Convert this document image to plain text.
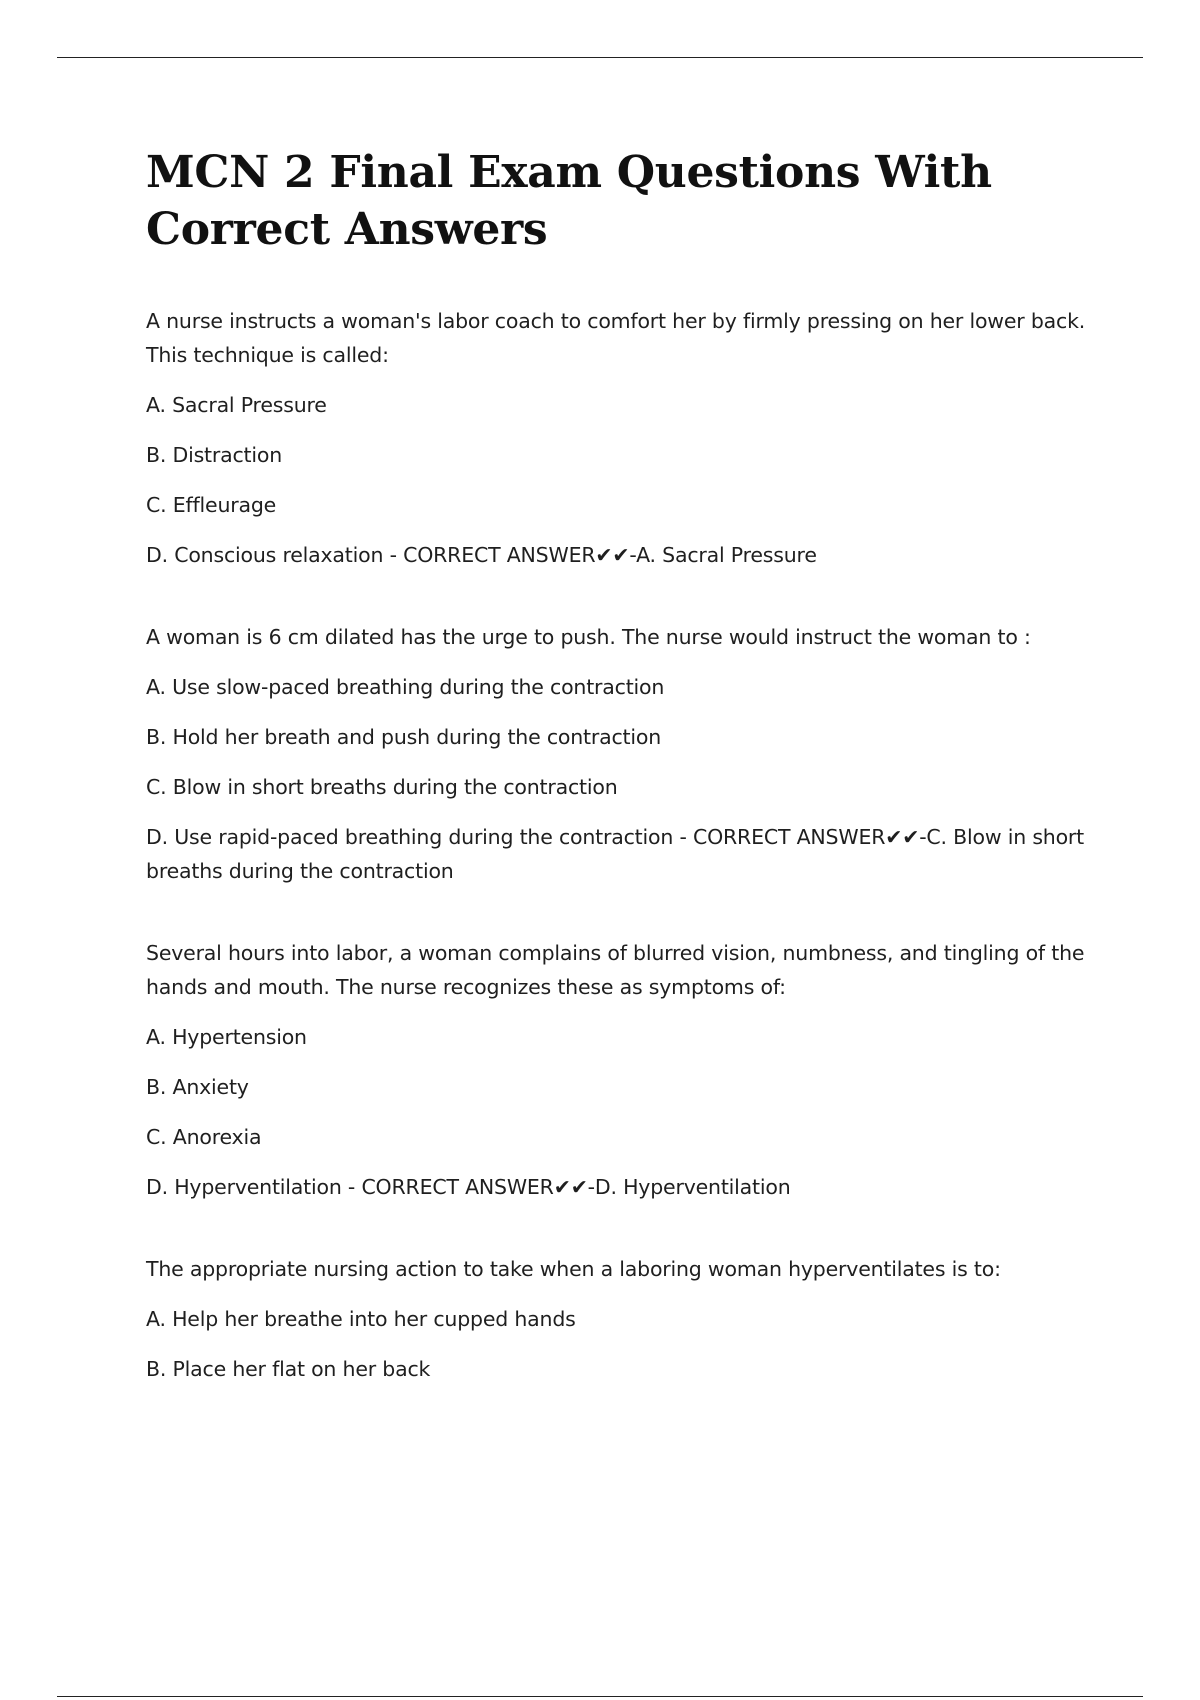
MCN 2 Final Exam Questions With Correct Answers

A nurse instructs a woman's labor coach to comfort her by firmly pressing on her lower back. This technique is called:

A. Sacral Pressure

B. Distraction

C. Effleurage

D. Conscious relaxation - CORRECT ANSWER✔✔-A. Sacral Pressure

A woman is 6 cm dilated has the urge to push. The nurse would instruct the woman to :

A. Use slow-paced breathing during the contraction

B. Hold her breath and push during the contraction

C. Blow in short breaths during the contraction

D. Use rapid-paced breathing during the contraction - CORRECT ANSWER✔✔-C. Blow in short breaths during the contraction

Several hours into labor, a woman complains of blurred vision, numbness, and tingling of the hands and mouth. The nurse recognizes these as symptoms of:

A. Hypertension

B. Anxiety

C. Anorexia

D. Hyperventilation - CORRECT ANSWER✔✔-D. Hyperventilation

The appropriate nursing action to take when a laboring woman hyperventilates is to:

A. Help her breathe into her cupped hands

B. Place her flat on her back
